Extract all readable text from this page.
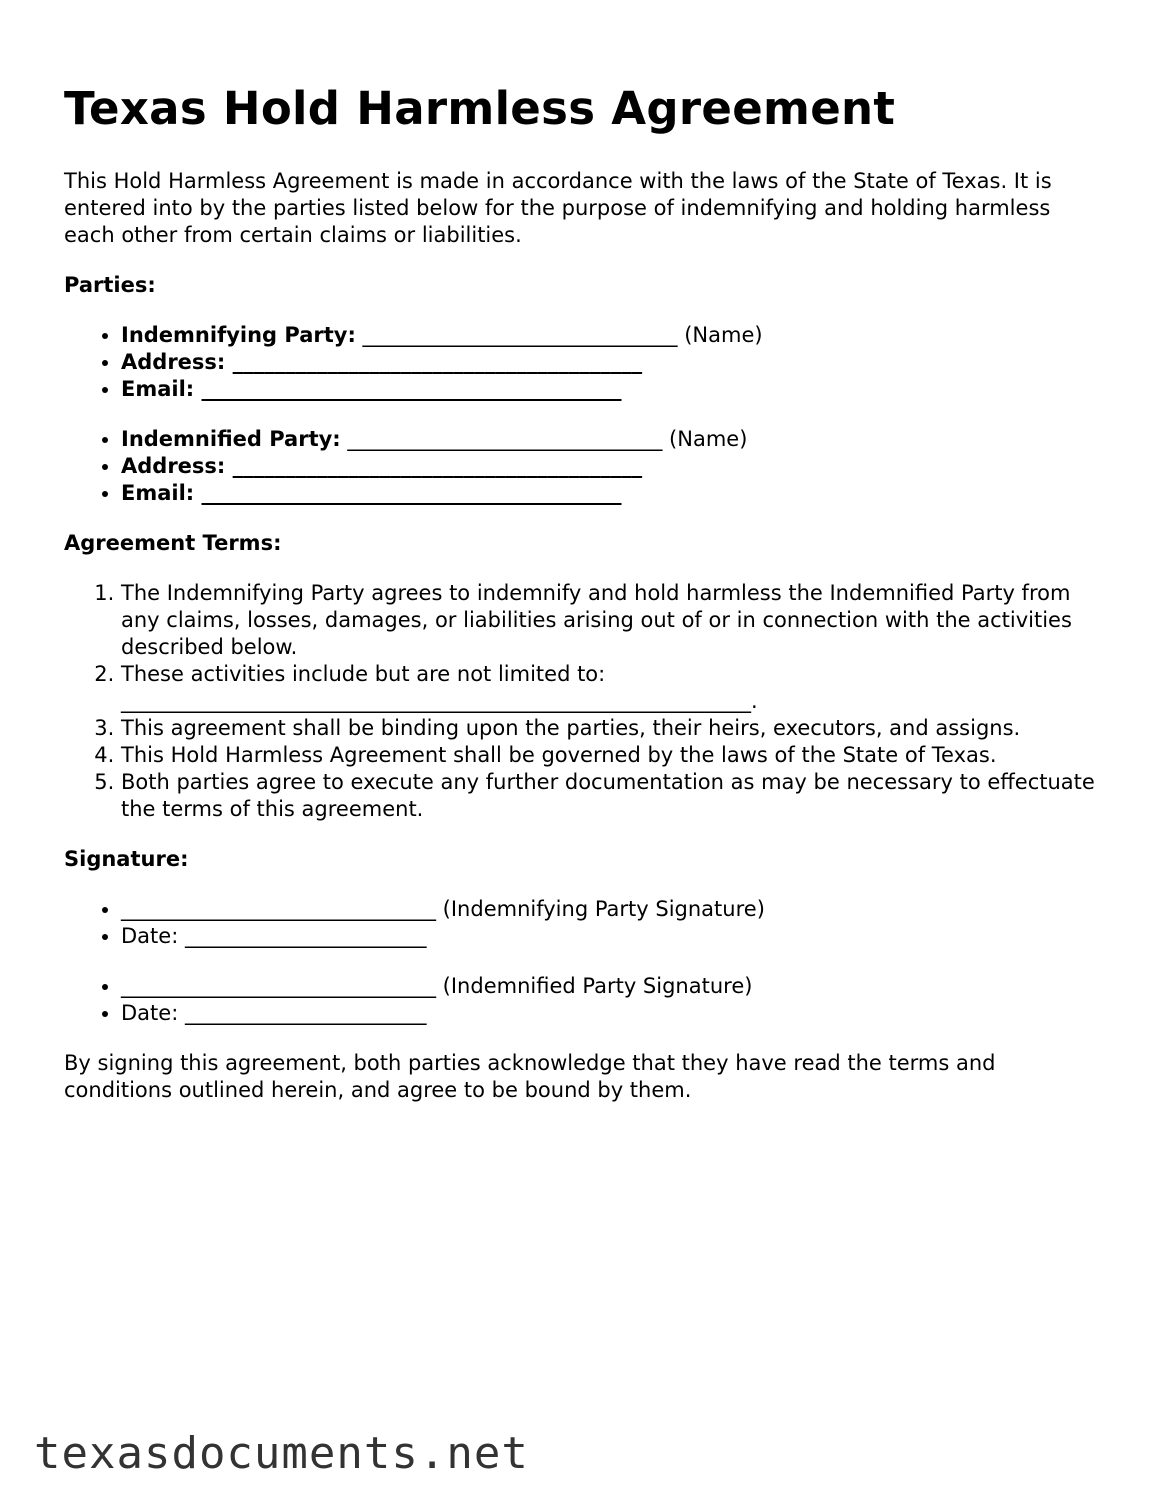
Texas Hold Harmless Agreement

This Hold Harmless Agreement is made in accordance with the laws of the State of Texas. It is entered into by the parties listed below for the purpose of indemnifying and holding harmless each other from certain claims or liabilities.

Parties:

• Indemnifying Party: ______________________________ (Name)
• Address: _______________________________________
• Email: ________________________________________
• Indemnified Party: ______________________________ (Name)
• Address: _______________________________________
• Email: ________________________________________

Agreement Terms:

1. The Indemnifying Party agrees to indemnify and hold harmless the Indemnified Party from any claims, losses, damages, or liabilities arising out of or in connection with the activities described below.
2. These activities include but are not limited to: ____________________________________________________________.
3. This agreement shall be binding upon the parties, their heirs, executors, and assigns.
4. This Hold Harmless Agreement shall be governed by the laws of the State of Texas.
5. Both parties agree to execute any further documentation as may be necessary to effectuate the terms of this agreement.

Signature:

• ______________________________ (Indemnifying Party Signature)
• Date: _______________________
• ______________________________ (Indemnified Party Signature)
• Date: _______________________

By signing this agreement, both parties acknowledge that they have read the terms and conditions outlined herein, and agree to be bound by them.

texasdocuments.net
